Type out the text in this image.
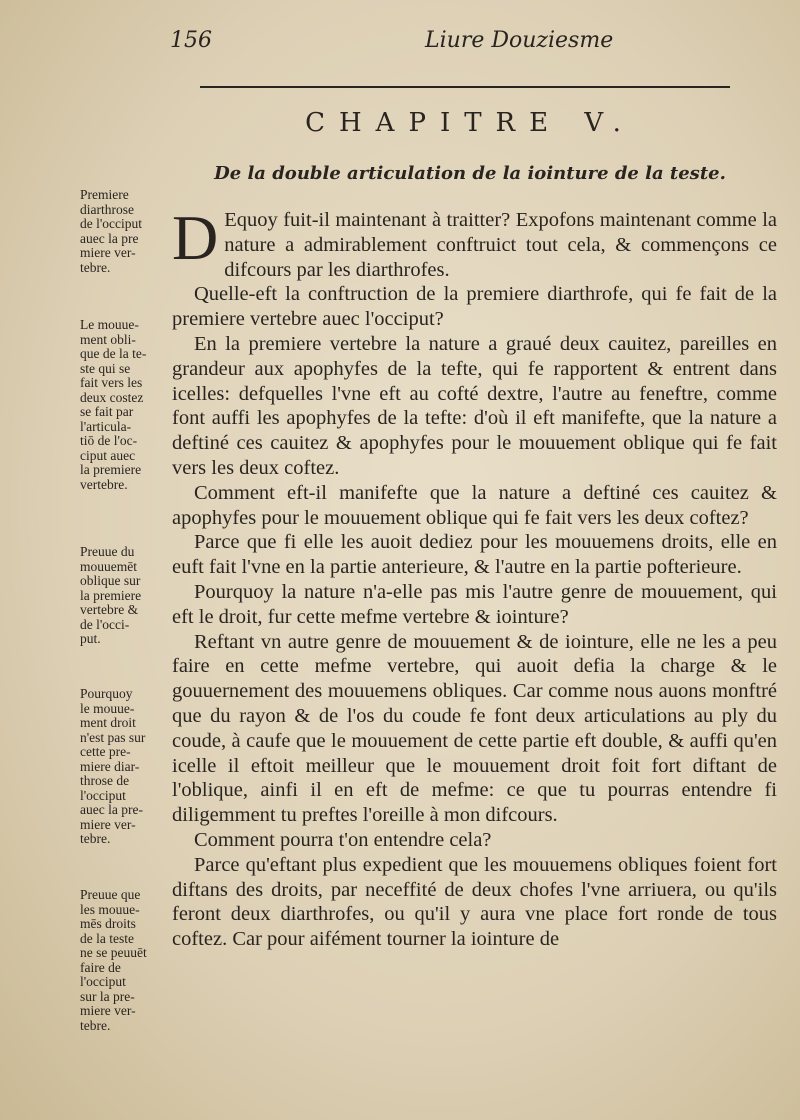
156	Liure Douziesme
CHAPITRE V.
De la double articulation de la iointure de la teste.
Premiere
diarthrose
de l'occiput
auec la pre
miere ver-
tebre.
Le mouue-
ment obli-
que de la te-
ste qui se
fait vers les
deux costez
se fait par
l'articula-
tiō de l'oc-
ciput auec
la premiere
vertebre.
Preuue du
mouuemēt
oblique sur
la premiere
vertebre &
de l'occi-
put.
Pourquoy
le mouue-
ment droit
n'est pas sur
cette pre-
miere diar-
throse de
l'occiput
auec la pre-
miere ver-
tebre.
Preuue que
les mouue-
mēs droits
de la teste
ne se peuuēt
faire de
l'occiput
sur la pre-
miere ver-
tebre.

D Equoy fuit-il maintenant à traitter? Expofons maintenant comme la nature a admirablement conftruict tout cela, & commençons ce difcours par les diarthrofes.

Quelle-eft la conftruction de la premiere diarthrofe, qui fe fait de la premiere vertebre auec l'occiput?

En la premiere vertebre la nature a graué deux cauitez, pareilles en grandeur aux apophyfes de la tefte, qui fe rapportent & entrent dans icelles: defquelles l'vne eft au cofté dextre, l'autre au feneftre, comme font auffi les apophyfes de la tefte: d'où il eft manifefte, que la nature a deftiné ces cauitez & apophyfes pour le mouuement oblique qui fe fait vers les deux coftez.

Comment eft-il manifefte que la nature a deftiné ces cauitez & apophyfes pour le mouuement oblique qui fe fait vers les deux coftez?

Parce que fi elle les auoit dediez pour les mouuemens droits, elle en euft fait l'vne en la partie anterieure, & l'autre en la partie pofterieure.

Pourquoy la nature n'a-elle pas mis l'autre genre de mouuement, qui eft le droit, fur cette mefme vertebre & iointure?

Reftant vn autre genre de mouuement & de iointure, elle ne les a peu faire en cette mefme vertebre, qui auoit defia la charge & le gouuernement des mouuemens obliques. Car comme nous auons monftré que du rayon & de l'os du coude fe font deux articulations au ply du coude, à caufe que le mouuement de cette partie eft double, & auffi qu'en icelle il eftoit meilleur que le mouuement droit foit fort diftant de l'oblique, ainfi il en eft de mefme: ce que tu pourras entendre fi diligemment tu preftes l'oreille à mon difcours.

Comment pourra t'on entendre cela?

Parce qu'eftant plus expedient que les mouuemens obliques foient fort diftans des droits, par neceffité de deux chofes l'vne arriuera, ou qu'ils feront deux diarthrofes, ou qu'il y aura vne place fort ronde de tous coftez. Car pour aifément tourner la iointure de
